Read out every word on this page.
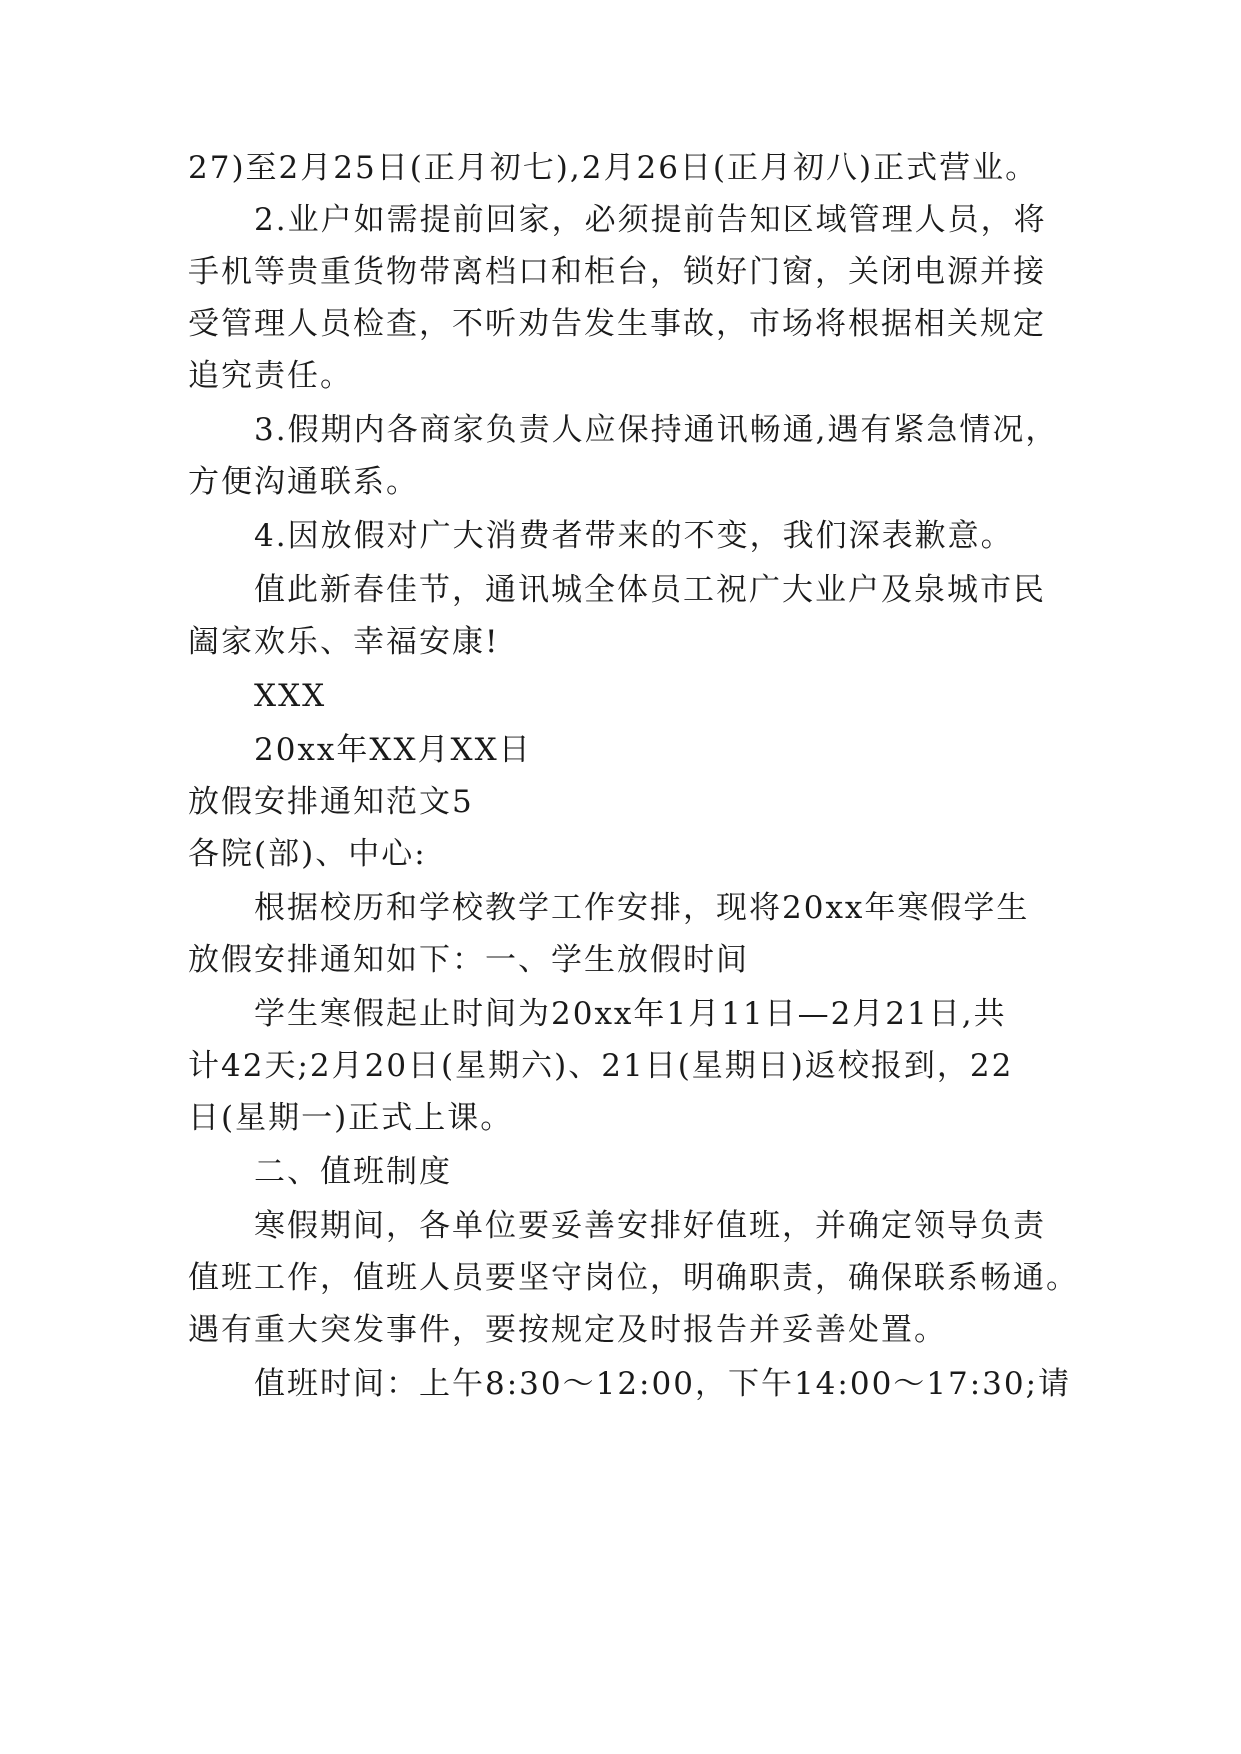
27)至2月25日(正月初七),2月26日(正月初八)正式营业。
2.业户如需提前回家，必须提前告知区域管理人员，将
手机等贵重货物带离档口和柜台，锁好门窗，关闭电源并接
受管理人员检查，不听劝告发生事故，市场将根据相关规定
追究责任。
3.假期内各商家负责人应保持通讯畅通,遇有紧急情况，
方便沟通联系。
4.因放假对广大消费者带来的不变，我们深表歉意。
值此新春佳节，通讯城全体员工祝广大业户及泉城市民
阖家欢乐、幸福安康!
XXX
20xx年XX月XX日
放假安排通知范文5
各院(部)、中心:
根据校历和学校教学工作安排，现将20xx年寒假学生
放假安排通知如下：一、学生放假时间
学生寒假起止时间为20xx年1月11日—2月21日,共
计42天;2月20日(星期六)、21日(星期日)返校报到，22
日(星期一)正式上课。
二、值班制度
寒假期间，各单位要妥善安排好值班，并确定领导负责
值班工作，值班人员要坚守岗位，明确职责，确保联系畅通。
遇有重大突发事件，要按规定及时报告并妥善处置。
值班时间：上午8:30～12:00，下午14:00～17:30;请
